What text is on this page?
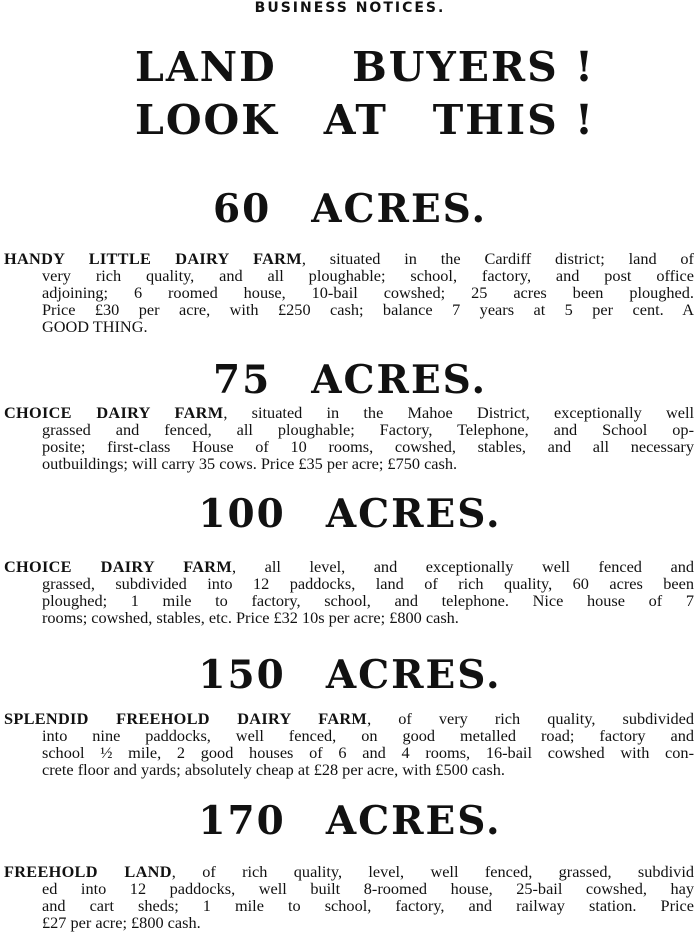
BUSINESS NOTICES.
LAND BUYERS !
LOOK AT THIS !
60 ACRES.
HANDY LITTLE DAIRY FARM, situated in the Cardiff district; land of
very rich quality, and all ploughable; school, factory, and post office
adjoining; 6 roomed house, 10-bail cowshed; 25 acres been ploughed.
Price £30 per acre, with £250 cash; balance 7 years at 5 per cent. A
GOOD THING.
75 ACRES.
CHOICE DAIRY FARM, situated in the Mahoe District, exceptionally well
grassed and fenced, all ploughable; Factory, Telephone, and School op-
posite; first-class House of 10 rooms, cowshed, stables, and all necessary
outbuildings; will carry 35 cows. Price £35 per acre; £750 cash.
100 ACRES.
CHOICE DAIRY FARM, all level, and exceptionally well fenced and
grassed, subdivided into 12 paddocks, land of rich quality, 60 acres been
ploughed; 1 mile to factory, school, and telephone. Nice house of 7
rooms; cowshed, stables, etc. Price £32 10s per acre; £800 cash.
150 ACRES.
SPLENDID FREEHOLD DAIRY FARM, of very rich quality, subdivided
into nine paddocks, well fenced, on good metalled road; factory and
school ½ mile, 2 good houses of 6 and 4 rooms, 16-bail cowshed with con-
crete floor and yards; absolutely cheap at £28 per acre, with £500 cash.
170 ACRES.
FREEHOLD LAND, of rich quality, level, well fenced, grassed, subdivid
ed into 12 paddocks, well built 8-roomed house, 25-bail cowshed, hay
and cart sheds; 1 mile to school, factory, and railway station. Price
£27 per acre; £800 cash.
